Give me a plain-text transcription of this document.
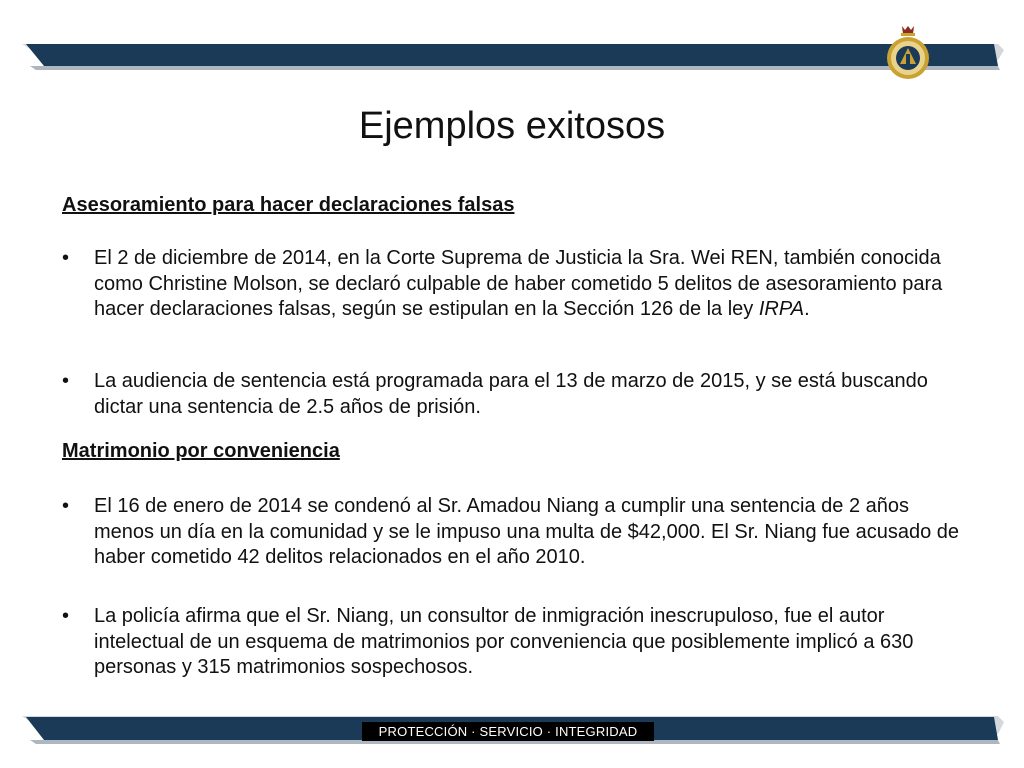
Ejemplos exitosos
Asesoramiento para hacer declaraciones falsas
•	El 2 de diciembre de 2014, en la Corte Suprema de Justicia la Sra. Wei REN, también conocida como Christine Molson, se declaró culpable de haber cometido 5 delitos de asesoramiento para hacer declaraciones falsas, según se estipulan en la Sección 126 de la ley IRPA.
•	La audiencia de sentencia está programada para el 13 de marzo de 2015, y se está buscando dictar una sentencia de 2.5 años de prisión.
Matrimonio por conveniencia
•	El 16 de enero de 2014 se condenó al Sr. Amadou Niang a cumplir una sentencia de 2 años menos un día en la comunidad y se le impuso una multa de $42,000. El Sr. Niang fue acusado de haber cometido 42 delitos relacionados en el año 2010.
•	La policía afirma que el Sr. Niang, un consultor de inmigración inescrupuloso, fue el autor intelectual de un esquema de matrimonios por conveniencia que posiblemente implicó a 630 personas y 315 matrimonios sospechosos.
PROTECCIÓN · SERVICIO · INTEGRIDAD
